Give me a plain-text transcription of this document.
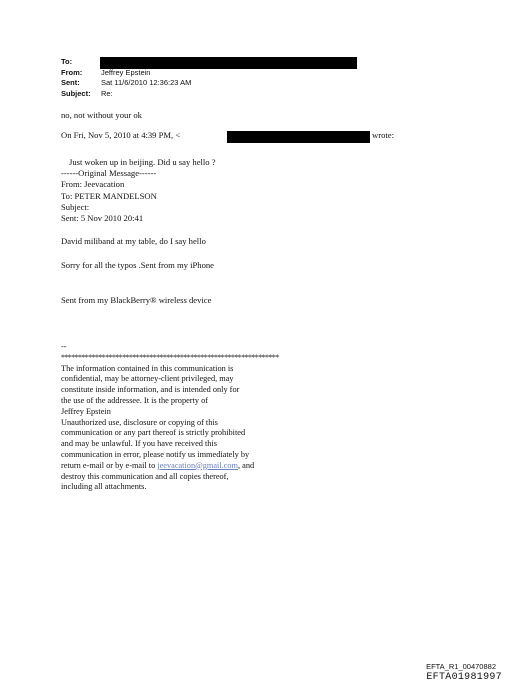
To:
From:	Jeffrey Epstein
Sent:	Sat 11/6/2010 12:36:23 AM
Subject: Re:
no, not without your ok
On Fri, Nov 5, 2010 at 4:39 PM, <	wrote:
Just woken up in beijing. Did u say hello ?
------Original Message------
From: Jeevacation
To: PETER MANDELSON
Subject:
Sent: 5 Nov 2010 20:41
David miliband at my table, do I say hello
Sorry for all the typos .Sent from my iPhone
Sent from my BlackBerry® wireless device
--
****************************************************************
The information contained in this communication is
confidential, may be attorney-client privileged, may
constitute inside information, and is intended only for
the use of the addressee. It is the property of
Jeffrey Epstein
Unauthorized use, disclosure or copying of this
communication or any part thereof is strictly prohibited
and may be unlawful. If you have received this
communication in error, please notify us immediately by
return e-mail or by e-mail to jeevacation@gmail.com, and
destroy this communication and all copies thereof,
including all attachments.
EFTA_R1_00470882
EFTA01981997
